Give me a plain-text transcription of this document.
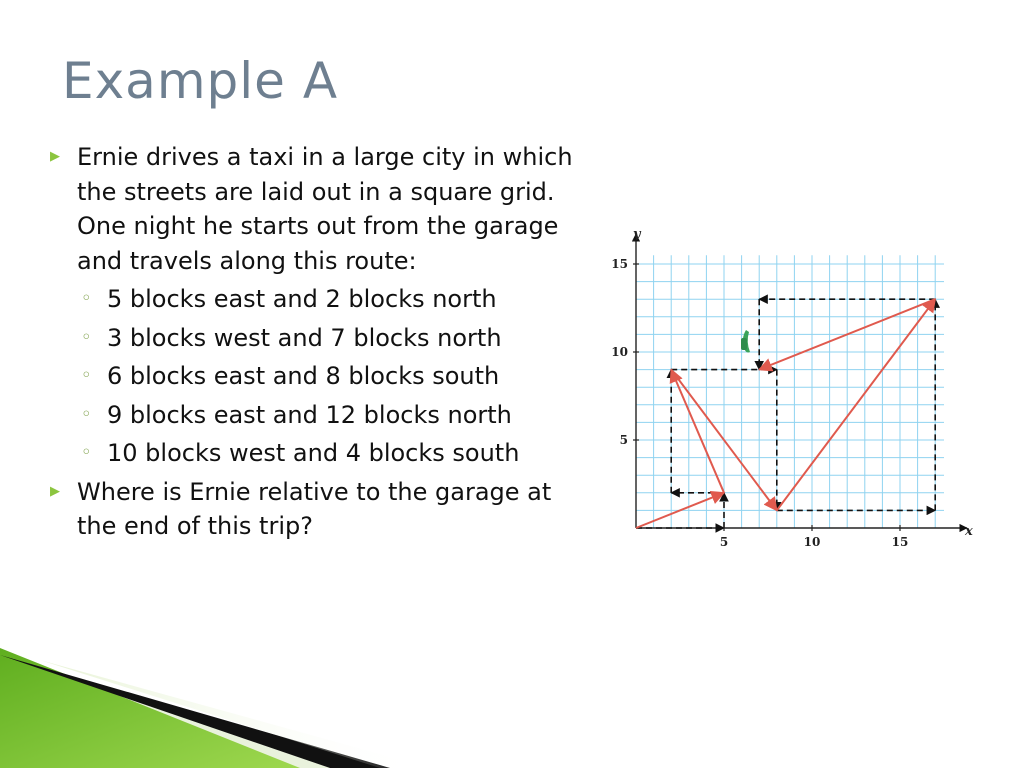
Example A
▶ Ernie drives a taxi in a large city in which the streets are laid out in a square grid. One night he starts out from the garage and travels along this route:
◦ 5 blocks east and 2 blocks north
◦ 3 blocks west and 7 blocks north
◦ 6 blocks east and 8 blocks south
◦ 9 blocks east and 12 blocks north
◦ 10 blocks west and 4 blocks south
▶ Where is Ernie relative to the garage at the end of this trip?
y
x
5	10	15
5
10
15
